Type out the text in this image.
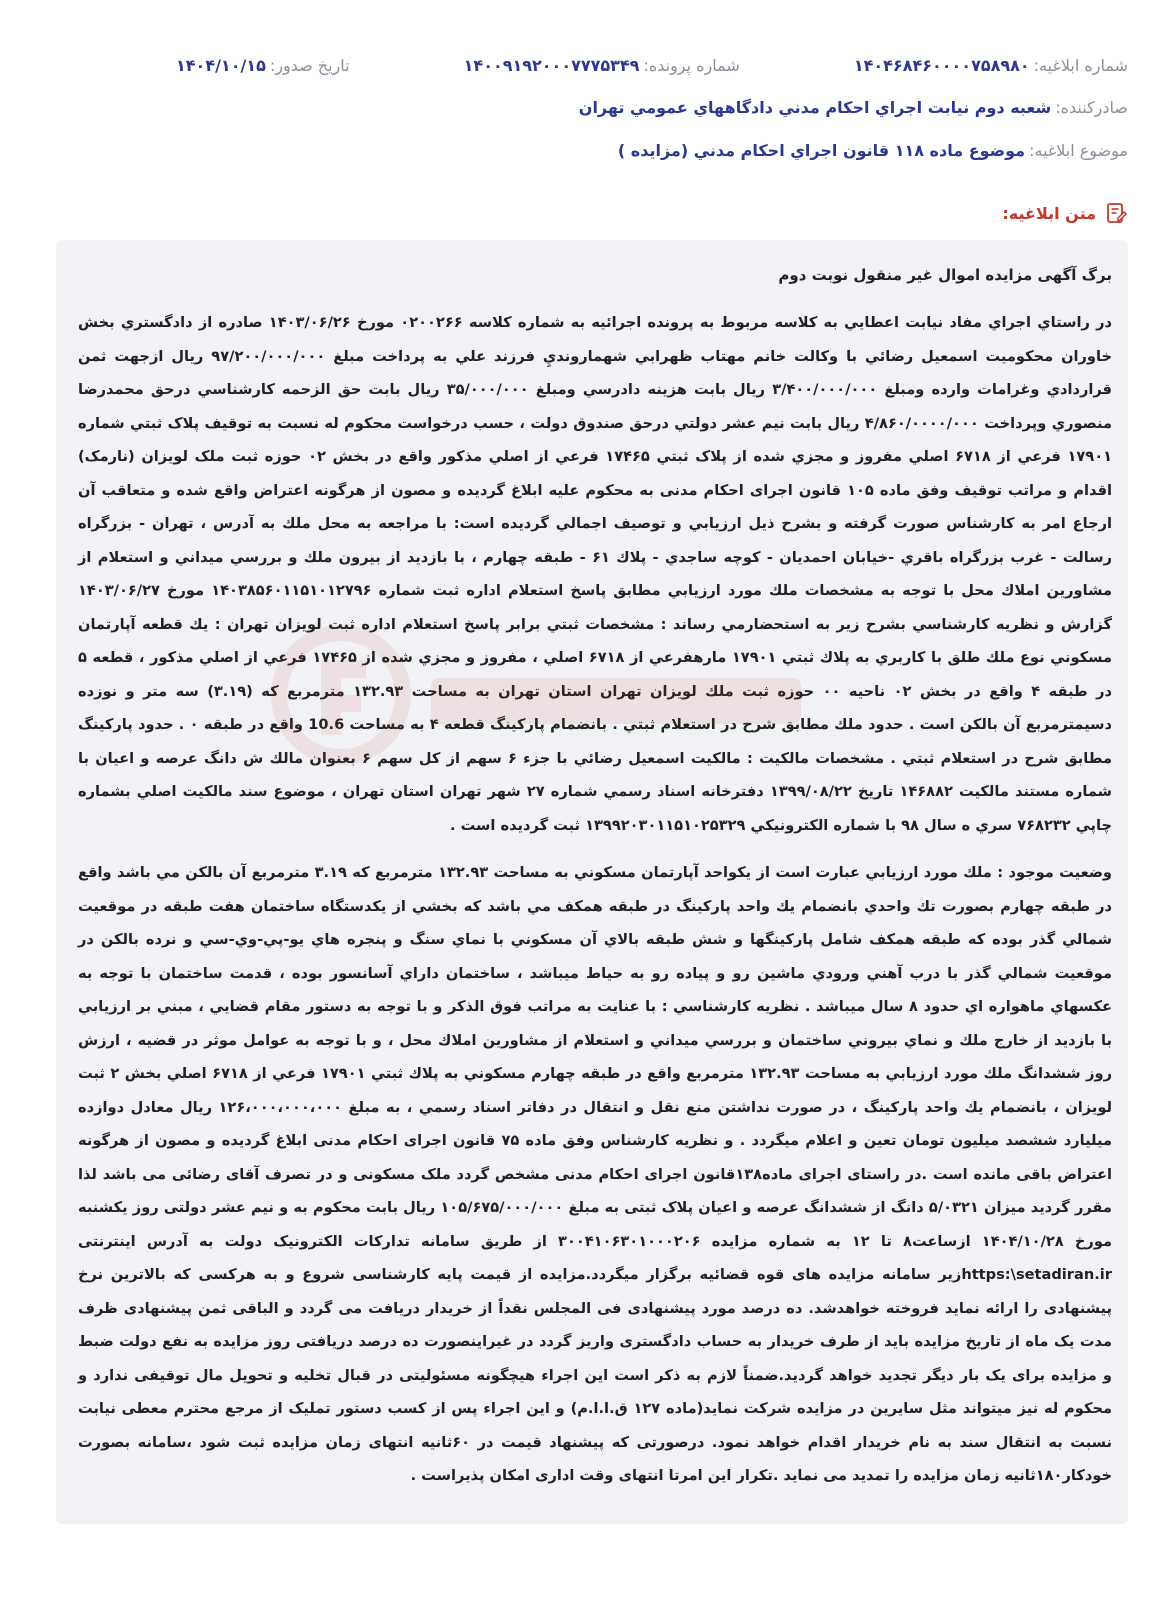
شماره ابلاغیه:
۱۴۰۴۶۸۴۶۰۰۰۰۷۵۸۹۸۰
شماره پرونده:
۱۴۰۰۹۱۹۲۰۰۰۷۷۷۵۳۴۹
تاریخ صدور:
۱۴۰۴/۱۰/۱۵
صادرکننده:
شعبه دوم نيابت اجراي احکام مدني دادگاههاي عمومي تهران
موضوع ابلاغیه:
موضوع ماده ۱۱۸ قانون اجراي احکام مدني (مزایده )
متن ابلاغیه:
برگ آگهی مزایده اموال غیر منقول نوبت دوم

در راستاي اجراي مفاد نيابت اعطايي به کلاسه مربوط به پرونده اجرائيه به شماره کلاسه ۰۲۰۰۲۶۶ مورخ ۱۴۰۳/۰۶/۲۶ صادره از دادگستري بخش خاوران محکوميت اسمعيل رضائي با وکالت خانم مهتاب ظهرابي شهمارونديِ فرزند علي به پرداخت مبلغ ۹۷/۲۰۰/۰۰۰/۰۰۰ ريال ازجهت ثمن قراردادي وغرامات وارده ومبلغ ۳/۴۰۰/۰۰۰/۰۰۰ ريال بابت هزينه دادرسي ومبلغ ۳۵/۰۰۰/۰۰۰ ريال بابت حق الزحمه کارشناسي درحق محمدرضا منصوري وپرداخت ۴/۸۶۰/۰۰۰۰/۰۰۰ ريال بابت نيم عشر دولتي درحق صندوق دولت ، حسب درخواست محکوم له نسبت به توقيف پلاک ثبتي شماره ۱۷۹۰۱ فرعي از ۶۷۱۸ اصلي مفروز و مجزي شده از پلاک ثبتي ۱۷۴۶۵ فرعي از اصلي مذکور واقع در بخش ۰۲ حوزه ثبت ملک لويزان (نارمک) اقدام و مراتب توقيف وفق ماده ۱۰۵ قانون اجرای احکام مدنی به محکوم عليه ابلاغ گرديده و مصون از هرگونه اعتراض واقع شده و متعاقب آن ارجاع امر به کارشناس صورت گرفته و بشرح ذيل ارزيابي و توصيف اجمالي گرديده است: با مراجعه به محل ملك به آدرس ، تهران - بزرگراه رسالت - غرب بزرگراه باقري -خيابان احمديان - كوچه ساجدي - پلاك ۶۱ - طبقه چهارم ، با بازديد از بيرون ملك و بررسي ميداني و استعلام از مشاورين املاك محل با توجه به مشخصات ملك مورد ارزيابي مطابق پاسخ استعلام اداره ثبت شماره ۱۴۰۳۸۵۶۰۱۱۵۱۰۱۲۷۹۶ مورخ ۱۴۰۳/۰۶/۲۷ گزارش و نظريه كارشناسي بشرح زير به استحضارمي رساند : مشخصات ثبتي برابر پاسخ استعلام اداره ثبت لويزان تهران : يك قطعه آپارتمان مسكوني نوع ملك طلق با كاربري به پلاك ثبتي ۱۷۹۰۱ مارهفرعي از ۶۷۱۸ اصلي ، مفروز و مجزي شده از ۱۷۴۶۵ فرعي از اصلي مذكور ، قطعه ۵ در طبقه ۴ واقع در بخش ۰۲ ناحيه ۰۰ حوزه ثبت ملك لويزان تهران استان تهران به مساحت ۱۳۲.۹۳ مترمربع كه (۳.۱۹) سه متر و نوزده دسيمترمربع آن بالكن است . حدود ملك مطابق شرح در استعلام ثبتي . بانضمام پاركينگ قطعه ۴ به مساحت 10.6 واقع در طبقه ۰ . حدود پاركينگ مطابق شرح در استعلام ثبتي . مشخصات مالكيت : مالكيت اسمعيل رضائي با جزء ۶ سهم از كل سهم ۶ بعنوان مالك ش دانگ عرصه و اعيان با شماره مستند مالكيت ۱۴۶۸۸۲ تاريخ ۱۳۹۹/۰۸/۲۲ دفترخانه اسناد رسمي شماره ۲۷ شهر تهران استان تهران ، موضوع سند مالكيت اصلي بشماره چاپي ۷۶۸۲۳۲ سري ه سال ۹۸ با شماره الكترونيكي ۱۳۹۹۲۰۳۰۱۱۵۱۰۲۵۳۲۹ ثبت گرديده است .

وضعيت موجود : ملك مورد ارزيابي عبارت است از يكواحد آپارتمان مسكوني به مساحت ۱۳۲.۹۳ مترمربع كه ۳.۱۹ مترمربع آن بالكن مي باشد واقع در طبقه چهارم بصورت تك واحدي بانضمام يك واحد پاركينگ در طبقه همكف مي باشد كه بخشي از يكدستگاه ساختمان هفت طبقه در موقعيت شمالي گذر بوده كه طبقه همكف شامل پاركينگها و شش طبقه بالاي آن مسكوني با نماي سنگ و پنجره هاي يو-پي-وي-سي و نرده بالكن در موقعيت شمالي گذر با درب آهني ورودي ماشين رو و پياده رو به حياط ميباشد ، ساختمان داراي آسانسور بوده ، قدمت ساختمان با توجه به عكسهاي ماهواره اي حدود ۸ سال ميباشد . نظريه كارشناسي : با عنايت به مراتب فوق الذكر و با توجه به دستور مقام قضايي ، مبني بر ارزيابي با بازديد از خارج ملك و نماي بيروني ساختمان و بررسي ميداني و استعلام از مشاورين املاك محل ، و با توجه به عوامل موثر در قضيه ، ارزش روز ششدانگ ملك مورد ارزيابي به مساحت ۱۳۲.۹۳ مترمربع واقع در طبقه چهارم مسكوني به پلاك ثبتي ۱۷۹۰۱ فرعي از ۶۷۱۸ اصلي بخش ۲ ثبت لويزان ، بانضمام يك واحد پاركينگ ، در صورت نداشتن منع نقل و انتقال در دفاتر اسناد رسمي ، به مبلغ ۱۲۶،۰۰۰،۰۰۰،۰۰۰ ريال معادل دوازده ميليارد ششصد ميليون تومان تعين و اعلام ميگردد . و نظريه کارشناس وفق ماده ۷۵ قانون اجرای احکام مدنی ابلاغ گرديده و مصون از هرگونه اعتراض باقی مانده است .در راستای اجرای ماده۱۳۸قانون اجرای احکام مدنی مشخص گردد ملک مسکونی و در تصرف آقای رضائی می باشد لذا مقرر گرديد ميزان ۵/۰۳۲۱ دانگ از ششدانگ عرصه و اعيان پلاک ثبتی به مبلغ ۱۰۵/۶۷۵/۰۰۰/۰۰۰ ريال بابت محکوم به و نيم عشر دولتی روز يکشنبه مورخ ۱۴۰۴/۱۰/۲۸ ازساعت۸ تا ۱۲ به شماره مزايده ۳۰۰۴۱۰۶۳۰۱۰۰۰۲۰۶ از طريق سامانه تدارکات الکترونيک دولت به آدرس اينترنتی https:\setadiran.irزير سامانه مزايده های قوه قضائيه برگزار ميگردد.مزايده از قيمت پايه کارشناسی شروع و به هرکسی که بالاترين نرخ پيشنهادی را ارائه نمايد فروخته خواهدشد. ده درصد مورد پيشنهادی فی المجلس نقداً از خريدار دريافت می گردد و الباقی ثمن پيشنهادی ظرف مدت يک ماه از تاريخ مزايده بايد از طرف خريدار به حساب دادگستری واريز گردد در غيراينصورت ده درصد دريافتی روز مزايده به نفع دولت ضبط و مزايده برای يک بار ديگر تجديد خواهد گرديد.ضمناً لازم به ذکر است اين اجراء هيچگونه مسئوليتی در قبال تخليه و تحويل مال توقيفی ندارد و محکوم له نيز ميتواند مثل سايرين در مزايده شرکت نمايد(ماده ۱۲۷ ق.ا.ا.م) و اين اجراء پس از کسب دستور تمليک از مرجع محترم معطی نيابت نسبت به انتقال سند به نام خريدار اقدام خواهد نمود. درصورتی که پيشنهاد قيمت در ۶۰ثانيه انتهای زمان مزايده ثبت شود ،سامانه بصورت خودکار۱۸۰ثانيه زمان مزايده را تمديد می نمايد .تکرار اين امرتا انتهای وقت اداری امکان پذيراست .
